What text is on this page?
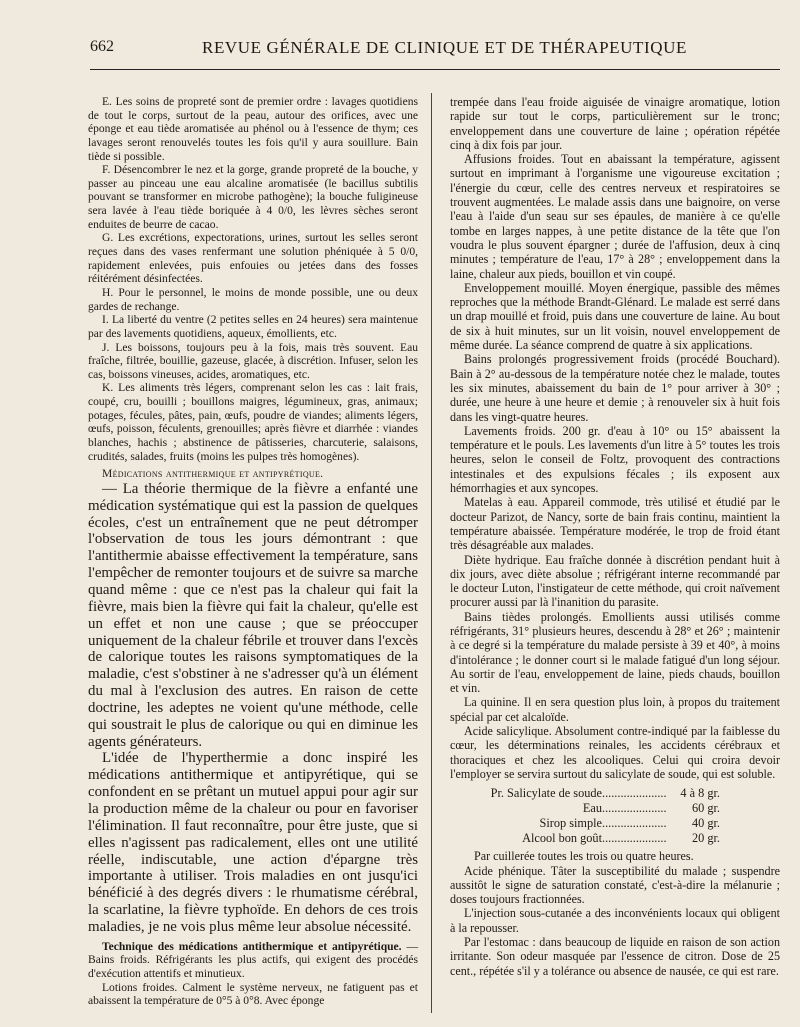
662	REVUE GÉNÉRALE DE CLINIQUE ET DE THÉRAPEUTIQUE

E. Les soins de propreté sont de premier ordre : lavages quotidiens de tout le corps, surtout de la peau, autour des orifices, avec une éponge et eau tiède aromatisée au phénol ou à l'essence de thym; ces lavages seront renouvelés toutes les fois qu'il y aura souillure. Bain tiède si possible.

F. Désencombrer le nez et la gorge, grande propreté de la bouche, y passer au pinceau une eau alcaline aromatisée (le bacillus subtilis pouvant se transformer en microbe pathogène); la bouche fuligineuse sera lavée à l'eau tiède boriquée à 4 0/0, les lèvres sèches seront enduites de beurre de cacao.

G. Les excrétions, expectorations, urines, surtout les selles seront reçues dans des vases renfermant une solution phéniquée à 5 0/0, rapidement enlevées, puis enfouies ou jetées dans des fosses réitérément désinfectées.

H. Pour le personnel, le moins de monde possible, une ou deux gardes de rechange.

I. La liberté du ventre (2 petites selles en 24 heures) sera maintenue par des lavements quotidiens, aqueux, émollients, etc.

J. Les boissons, toujours peu à la fois, mais très souvent. Eau fraîche, filtrée, bouillie, gazeuse, glacée, à discrétion. Infuser, selon les cas, boissons vineuses, acides, aromatiques, etc.

K. Les aliments très légers, comprenant selon les cas : lait frais, coupé, cru, bouilli ; bouillons maigres, légumineux, gras, animaux; potages, fécules, pâtes, pain, œufs, poudre de viandes; aliments légers, œufs, poisson, féculents, grenouilles; après fièvre et diarrhée : viandes blanches, hachis ; abstinence de pâtisseries, charcuterie, salaisons, crudités, salades, fruits (moins les pulpes très homogènes).

Médications antithermique et antipyrétique.

— La théorie thermique de la fièvre a enfanté une médication systématique qui est la passion de quelques écoles, c'est un entraînement que ne peut détromper l'observation de tous les jours démontrant : que l'antithermie abaisse effectivement la température, sans l'empêcher de remonter toujours et de suivre sa marche quand même : que ce n'est pas la chaleur qui fait la fièvre, mais bien la fièvre qui fait la chaleur, qu'elle est un effet et non une cause ; que se préoccuper uniquement de la chaleur fébrile et trouver dans l'excès de calorique toutes les raisons symptomatiques de la maladie, c'est s'obstiner à ne s'adresser qu'à un élément du mal à l'exclusion des autres. En raison de cette doctrine, les adeptes ne voient qu'une méthode, celle qui soustrait le plus de calorique ou qui en diminue les agents générateurs.

L'idée de l'hyperthermie a donc inspiré les médications antithermique et antipyrétique, qui se confondent en se prêtant un mutuel appui pour agir sur la production même de la chaleur ou pour en favoriser l'élimination. Il faut reconnaître, pour être juste, que si elles n'agissent pas radicalement, elles ont une utilité réelle, indiscutable, une action d'épargne très importante à utiliser. Trois maladies en ont jusqu'ici bénéficié à des degrés divers : le rhumatisme cérébral, la scarlatine, la fièvre typhoïde. En dehors de ces trois maladies, je ne vois plus même leur absolue nécessité.

Technique des médications antithermique et antipyrétique. — Bains froids. Réfrigérants les plus actifs, qui exigent des procédés d'exécution attentifs et minutieux.

Lotions froides. Calment le système nerveux, ne fatiguent pas et abaissent la température de 0°5 à 0°8. Avec éponge

trempée dans l'eau froide aiguisée de vinaigre aromatique, lotion rapide sur tout le corps, particulièrement sur le tronc; enveloppement dans une couverture de laine ; opération répétée cinq à dix fois par jour.

Affusions froides. Tout en abaissant la température, agissent surtout en imprimant à l'organisme une vigoureuse excitation ; l'énergie du cœur, celle des centres nerveux et respiratoires se trouvent augmentées. Le malade assis dans une baignoire, on verse l'eau à l'aide d'un seau sur ses épaules, de manière à ce qu'elle tombe en larges nappes, à une petite distance de la tête que l'on voudra le plus souvent épargner ; durée de l'affusion, deux à cinq minutes ; température de l'eau, 17° à 28° ; enveloppement dans la laine, chaleur aux pieds, bouillon et vin coupé.

Enveloppement mouillé. Moyen énergique, passible des mêmes reproches que la méthode Brandt-Glénard. Le malade est serré dans un drap mouillé et froid, puis dans une couverture de laine. Au bout de six à huit minutes, sur un lit voisin, nouvel enveloppement de même durée. La séance comprend de quatre à six applications.

Bains prolongés progressivement froids (procédé Bouchard). Bain à 2° au-dessous de la température notée chez le malade, toutes les six minutes, abaissement du bain de 1° pour arriver à 30° ; durée, une heure à une heure et demie ; à renouveler six à huit fois dans les vingt-quatre heures.

Lavements froids. 200 gr. d'eau à 10° ou 15° abaissent la température et le pouls. Les lavements d'un litre à 5° toutes les trois heures, selon le conseil de Foltz, provoquent des contractions intestinales et des expulsions fécales ; ils exposent aux hémorrhagies et aux syncopes.

Matelas à eau. Appareil commode, très utilisé et étudié par le docteur Parizot, de Nancy, sorte de bain frais continu, maintient la température abaissée. Température modérée, le trop de froid étant très désagréable aux malades.

Diète hydrique. Eau fraîche donnée à discrétion pendant huit à dix jours, avec diète absolue ; réfrigérant interne recommandé par le docteur Luton, l'instigateur de cette méthode, qui croit naïvement procurer aussi par là l'inanition du parasite.

Bains tièdes prolongés. Emollients aussi utilisés comme réfrigérants, 31° plusieurs heures, descendu à 28° et 26° ; maintenir à ce degré si la température du malade persiste à 39 et 40°, à moins d'intolérance ; le donner court si le malade fatigué d'un long séjour. Au sortir de l'eau, enveloppement de laine, pieds chauds, bouillon et vin.

La quinine. Il en sera question plus loin, à propos du traitement spécial par cet alcaloïde.

Acide salicylique. Absolument contre-indiqué par la faiblesse du cœur, les déterminations reinales, les accidents cérébraux et thoraciques et chez les alcooliques. Celui qui croira devoir l'employer se servira surtout du salicylate de soude, qui est soluble.

Pr. Salicylate de soude .....................	4 à 8 gr.
Eau .....................	60 gr.
Sirop simple .....................	40 gr.
Alcool bon goût .....................	20 gr.

Par cuillerée toutes les trois ou quatre heures.

Acide phénique. Tâter la susceptibilité du malade ; suspendre aussitôt le signe de saturation constaté, c'est-à-dire la mélanurie ; doses toujours fractionnées.

L'injection sous-cutanée a des inconvénients locaux qui obligent à la repousser.

Par l'estomac : dans beaucoup de liquide en raison de son action irritante. Son odeur masquée par l'essence de citron. Dose de 25 cent., répétée s'il y a tolérance ou absence de nausée, ce qui est rare.
